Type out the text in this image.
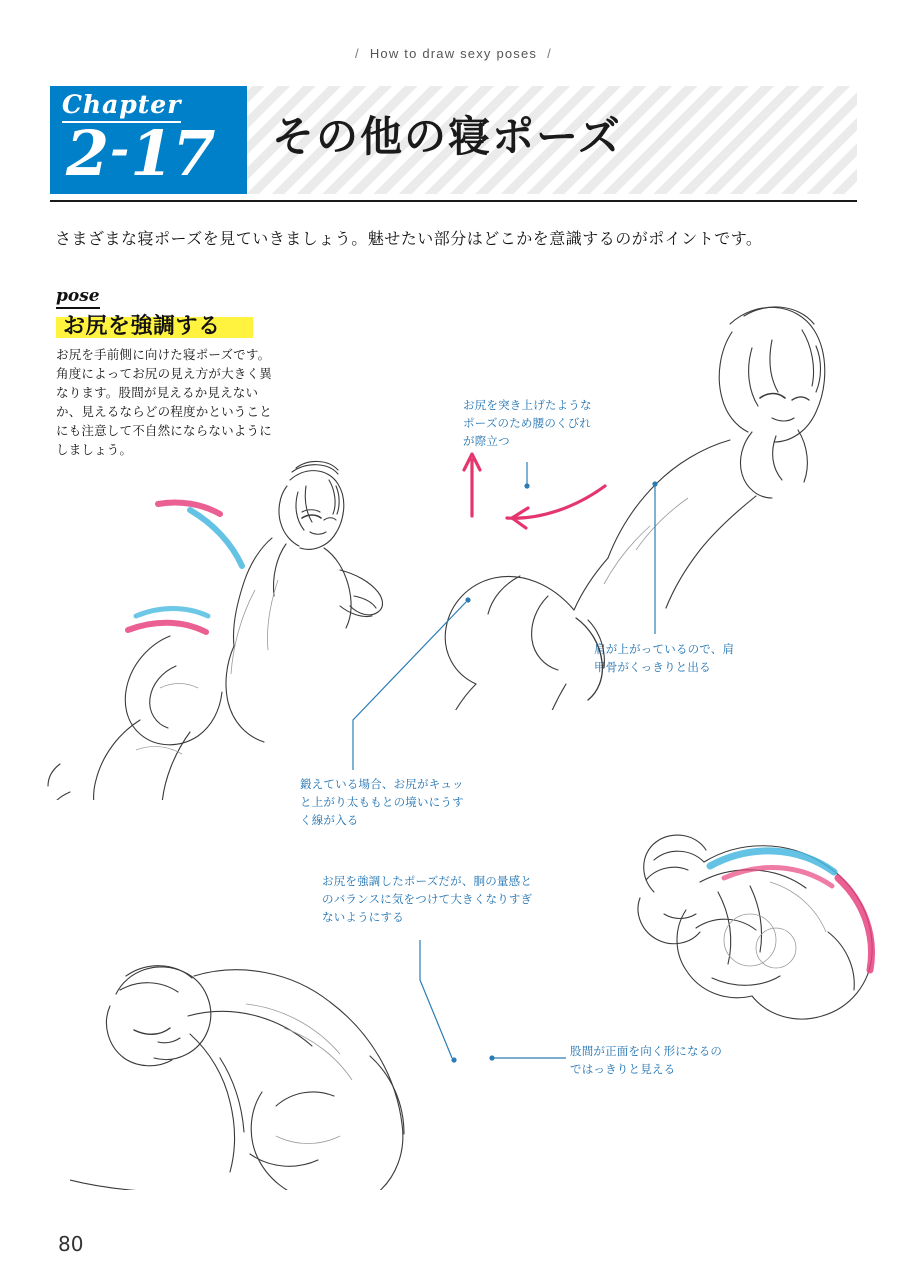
/ How to draw sexy poses /
Chapter
2-17 その他の寝ポーズ
さまざまな寝ポーズを見ていきましょう。魅せたい部分はどこかを意識するのがポイントです。
pose
お尻を強調する
お尻を手前側に向けた寝ポーズです。角度によってお尻の見え方が大きく異なります。股間が見えるか見えないか、見えるならどの程度かということにも注意して不自然にならないようにしましょう。
お尻を突き上げたようなポーズのため腰のくびれが際立つ
肩が上がっているので、肩甲骨がくっきりと出る
鍛えている場合、お尻がキュッと上がり太ももとの境いにうすく線が入る
お尻を強調したポーズだが、胴の量感とのバランスに気をつけて大きくなりすぎないようにする
股間が正面を向く形になるのではっきりと見える
80
